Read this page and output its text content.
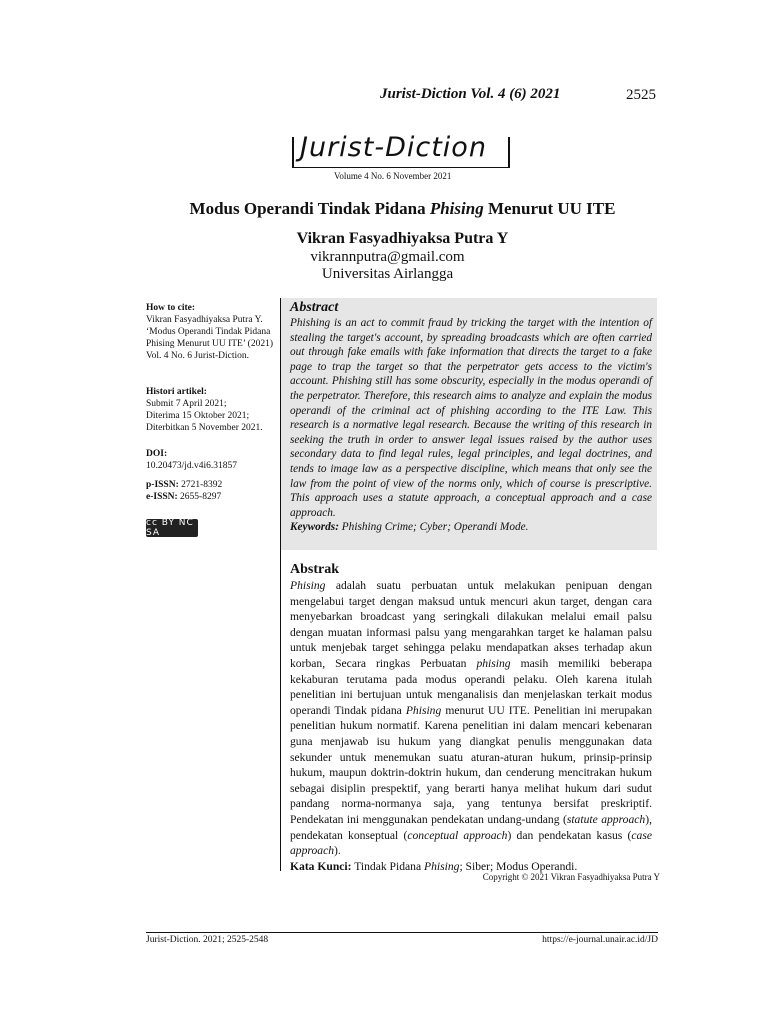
Jurist-Diction Vol. 4 (6) 2021	2525
Jurist-Diction
Volume 4 No. 6 November 2021
Modus Operandi Tindak Pidana Phising Menurut UU ITE
Vikran Fasyadhiyaksa Putra Y
vikrannputra@gmail.com
Universitas Airlangga
How to cite:
Vikran Fasyadhiyaksa Putra Y. ‘Modus Operandi Tindak Pidana Phising Menurut UU ITE’ (2021) Vol. 4 No. 6 Jurist-Diction.
Histori artikel:
Submit 7 April 2021;
Diterima 15 Oktober 2021;
Diterbitkan 5 November 2021.
DOI:
10.20473/jd.v4i6.31857
p-ISSN: 2721-8392
e-ISSN: 2655-8297
cc BY NC SA
Abstract
Phishing is an act to commit fraud by tricking the target with the intention of stealing the target's account, by spreading broadcasts which are often carried out through fake emails with fake information that directs the target to a fake page to trap the target so that the perpetrator gets access to the victim's account. Phishing still has some obscurity, especially in the modus operandi of the perpetrator. Therefore, this research aims to analyze and explain the modus operandi of the criminal act of phishing according to the ITE Law. This research is a normative legal research. Because the writing of this research in seeking the truth in order to answer legal issues raised by the author uses secondary data to find legal rules, legal principles, and legal doctrines, and tends to image law as a perspective discipline, which means that only see the law from the point of view of the norms only, which of course is prescriptive. This approach uses a statute approach, a conceptual approach and a case approach.
Keywords: Phishing Crime; Cyber; Operandi Mode.
Abstrak
Phising adalah suatu perbuatan untuk melakukan penipuan dengan mengelabui target dengan maksud untuk mencuri akun target, dengan cara menyebarkan broadcast yang seringkali dilakukan melalui email palsu dengan muatan informasi palsu yang mengarahkan target ke halaman palsu untuk menjebak target sehingga pelaku mendapatkan akses terhadap akun korban, Secara ringkas Perbuatan phising masih memiliki beberapa kekaburan terutama pada modus operandi pelaku. Oleh karena itulah penelitian ini bertujuan untuk menganalisis dan menjelaskan terkait modus operandi Tindak pidana Phising menurut UU ITE. Penelitian ini merupakan penelitian hukum normatif. Karena penelitian ini dalam mencari kebenaran guna menjawab isu hukum yang diangkat penulis menggunakan data sekunder untuk menemukan suatu aturan-aturan hukum, prinsip-prinsip hukum, maupun doktrin-doktrin hukum, dan cenderung mencitrakan hukum sebagai disiplin prespektif, yang berarti hanya melihat hukum dari sudut pandang norma-normanya saja, yang tentunya bersifat preskriptif. Pendekatan ini menggunakan pendekatan undang-undang (statute approach), pendekatan konseptual (conceptual approach) dan pendekatan kasus (case approach).
Kata Kunci: Tindak Pidana Phising; Siber; Modus Operandi.
Copyright © 2021 Vikran Fasyadhiyaksa Putra Y
Jurist-Diction. 2021; 2525-2548	https://e-journal.unair.ac.id/JD
